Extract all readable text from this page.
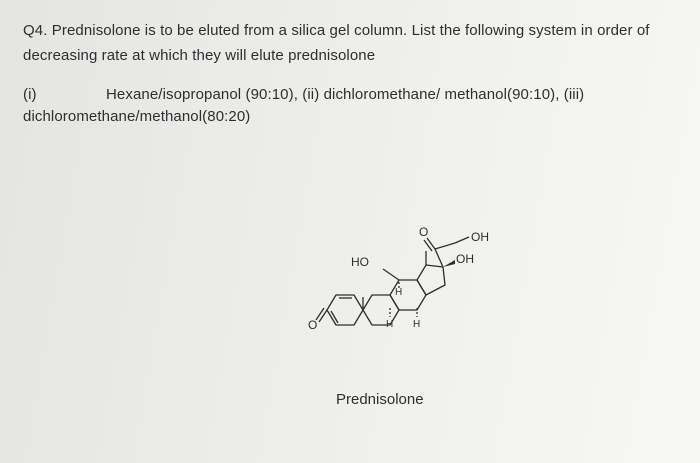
Q4. Prednisolone is to be eluted from a silica gel column. List the following system in order of
decreasing rate at which they will elute prednisolone
(i)	Hexane/isopropanol (90:10), (ii) dichloromethane/ methanol(90:10), (iii)
dichloromethane/methanol(80:20)
HO
OH
OH
H
H H
O
O
Prednisolone
